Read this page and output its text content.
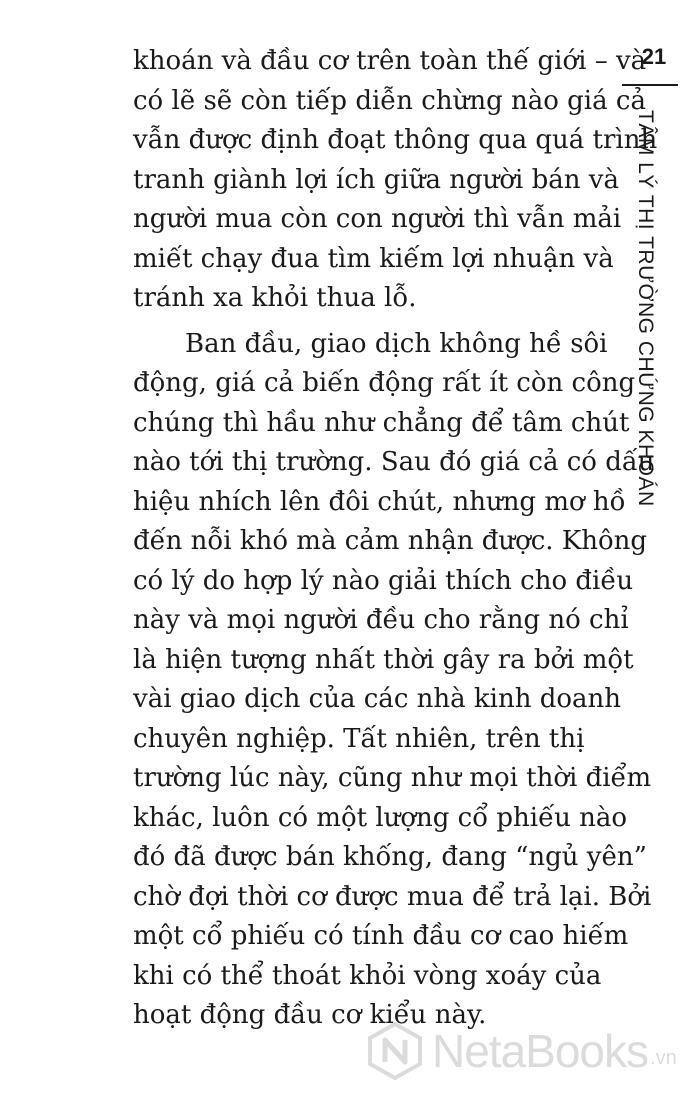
21
TÂM LÝ THỊ TRƯỜNG CHỨNG KHOÁN
khoán và đầu cơ trên toàn thế giới – và
có lẽ sẽ còn tiếp diễn chừng nào giá cả
vẫn được định đoạt thông qua quá trình
tranh giành lợi ích giữa người bán và
người mua còn con người thì vẫn mải
miết chạy đua tìm kiếm lợi nhuận và
tránh xa khỏi thua lỗ.
Ban đầu, giao dịch không hề sôi
động, giá cả biến động rất ít còn công
chúng thì hầu như chẳng để tâm chút
nào tới thị trường. Sau đó giá cả có dấu
hiệu nhích lên đôi chút, nhưng mơ hồ
đến nỗi khó mà cảm nhận được. Không
có lý do hợp lý nào giải thích cho điều
này và mọi người đều cho rằng nó chỉ
là hiện tượng nhất thời gây ra bởi một
vài giao dịch của các nhà kinh doanh
chuyên nghiệp. Tất nhiên, trên thị
trường lúc này, cũng như mọi thời điểm
khác, luôn có một lượng cổ phiếu nào
đó đã được bán khống, đang “ngủ yên”
chờ đợi thời cơ được mua để trả lại. Bởi
một cổ phiếu có tính đầu cơ cao hiếm
khi có thể thoát khỏi vòng xoáy của
hoạt động đầu cơ kiểu này.
NetaBooks .vn
